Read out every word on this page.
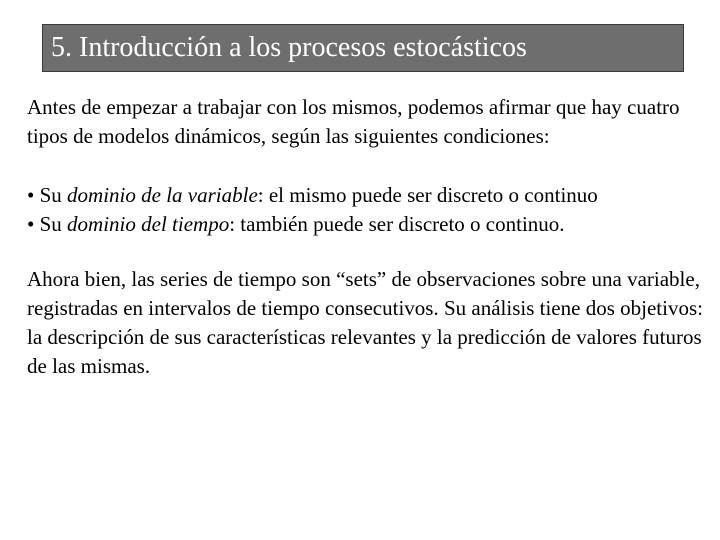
5. Introducción a los procesos estocásticos

Antes de empezar a trabajar con los mismos, podemos afirmar que hay cuatro tipos de modelos dinámicos, según las siguientes condiciones:

• Su dominio de la variable: el mismo puede ser discreto o continuo

• Su dominio del tiempo: también puede ser discreto o continuo.

Ahora bien, las series de tiempo son “sets” de observaciones sobre una variable, registradas en intervalos de tiempo consecutivos. Su análisis tiene dos objetivos: la descripción de sus características relevantes y la predicción de valores futuros de las mismas.
